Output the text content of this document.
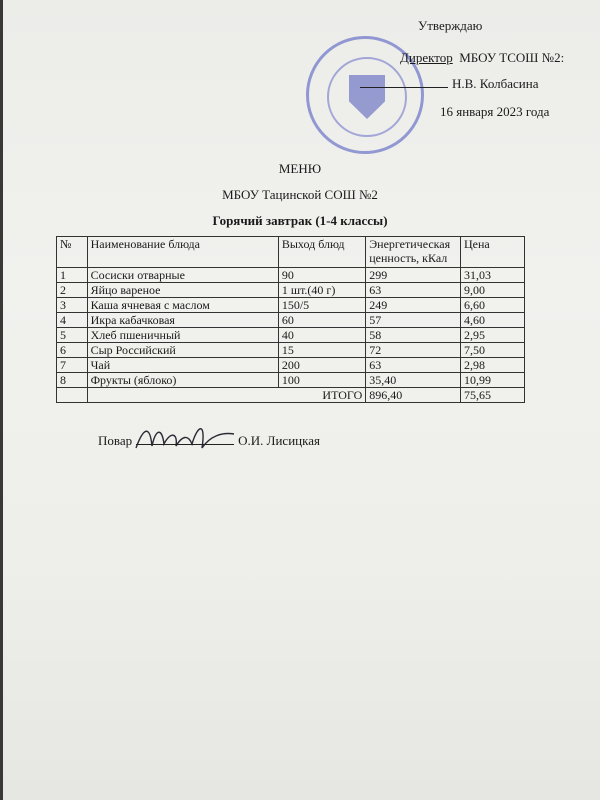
Утверждаю
Директор МБОУ ТСОШ №2:
Н.В. Колбасина
16 января 2023 года
МЕНЮ
МБОУ Тацинской СОШ №2
Горячий завтрак (1-4 классы)
№	Наименование блюда	Выход блюд	Энергетическая ценность, кКал	Цена
1	Сосиски отварные	90	299	31,03
2	Яйцо вареное	1 шт.(40 г)	63	9,00
3	Каша ячневая с маслом	150/5	249	6,60
4	Икра кабачковая	60	57	4,60
5	Хлеб пшеничный	40	58	2,95
6	Сыр Российский	15	72	7,50
7	Чай	200	63	2,98
8	Фрукты (яблоко)	100	35,40	10,99
	ИТОГО		896,40	75,65
Повар	О.И. Лисицкая
